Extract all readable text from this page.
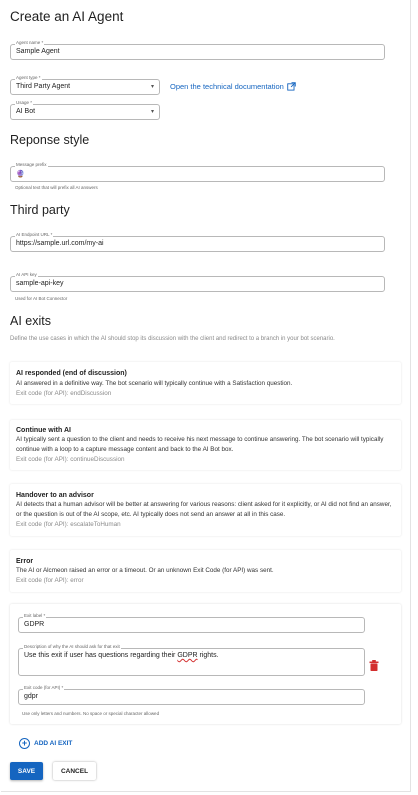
Create an AI Agent
Agent name *
Sample Agent
Agent type *
Third Party Agent	▾ Open the technical documentation
Usage *
AI Bot	▾
Reponse style
Message prefix
🔮
Optional text that will prefix all AI answers
Third party
AI Endpoint URL *
https://sample.url.com/my-ai
AI API key
sample-api-key
Used for AI Bot Connector
AI exits
Define the use cases in which the AI should stop its discussion with the client and redirect to a branch in your bot scenario.
AI responded (end of discussion)
AI answered in a definitive way. The bot scenario will typically continue with a Satisfaction question.
Exit code (for API): endDiscussion
Continue with AI
AI typically sent a question to the client and needs to receive his next message to continue answering. The bot scenario will typically continue with a loop to a capture message content and back to the AI Bot box.
Exit code (for API): continueDiscussion
Handover to an advisor
AI detects that a human advisor will be better at answering for various reasons: client asked for it explicitly, or AI did not find an answer, or the question is out of the AI scope, etc. AI typically does not send an answer at all in this case.
Exit code (for API): escalateToHuman
Error
The AI or Alcmeon raised an error or a timeout. Or an unknown Exit Code (for API) was sent.
Exit code (for API): error
Exit label *
GDPR
Description of why the AI should ask for that exit
Use this exit if user has questions regarding their GDPR rights.
Exit code (for API) *
gdpr
Use only letters and numbers. No space or special character allowed
+	ADD AI EXIT
SAVE	CANCEL
